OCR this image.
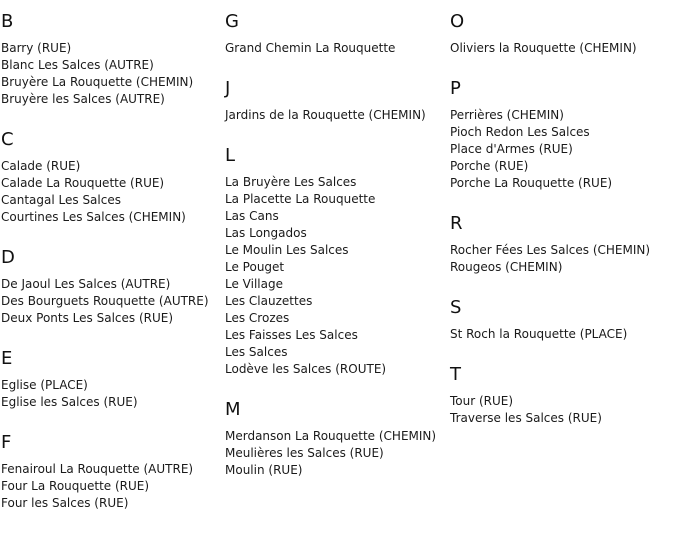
B
Barry (RUE)
Blanc Les Salces (AUTRE)
Bruyère La Rouquette (CHEMIN)
Bruyère les Salces (AUTRE)
C
Calade (RUE)
Calade La Rouquette (RUE)
Cantagal Les Salces
Courtines Les Salces (CHEMIN)
D
De Jaoul Les Salces (AUTRE)
Des Bourguets Rouquette (AUTRE)
Deux Ponts Les Salces (RUE)
E
Eglise (PLACE)
Eglise les Salces (RUE)
F
Fenairoul La Rouquette (AUTRE)
Four La Rouquette (RUE)
Four les Salces (RUE)
G
Grand Chemin La Rouquette
J
Jardins de la Rouquette (CHEMIN)
L
La Bruyère Les Salces
La Placette La Rouquette
Las Cans
Las Longados
Le Moulin Les Salces
Le Pouget
Le Village
Les Clauzettes
Les Crozes
Les Faisses Les Salces
Les Salces
Lodève les Salces (ROUTE)
M
Merdanson La Rouquette (CHEMIN)
Meulières les Salces (RUE)
Moulin (RUE)
O
Oliviers la Rouquette (CHEMIN)
P
Perrières (CHEMIN)
Pioch Redon Les Salces
Place d'Armes (RUE)
Porche (RUE)
Porche La Rouquette (RUE)
R
Rocher Fées Les Salces (CHEMIN)
Rougeos (CHEMIN)
S
St Roch la Rouquette (PLACE)
T
Tour (RUE)
Traverse les Salces (RUE)
